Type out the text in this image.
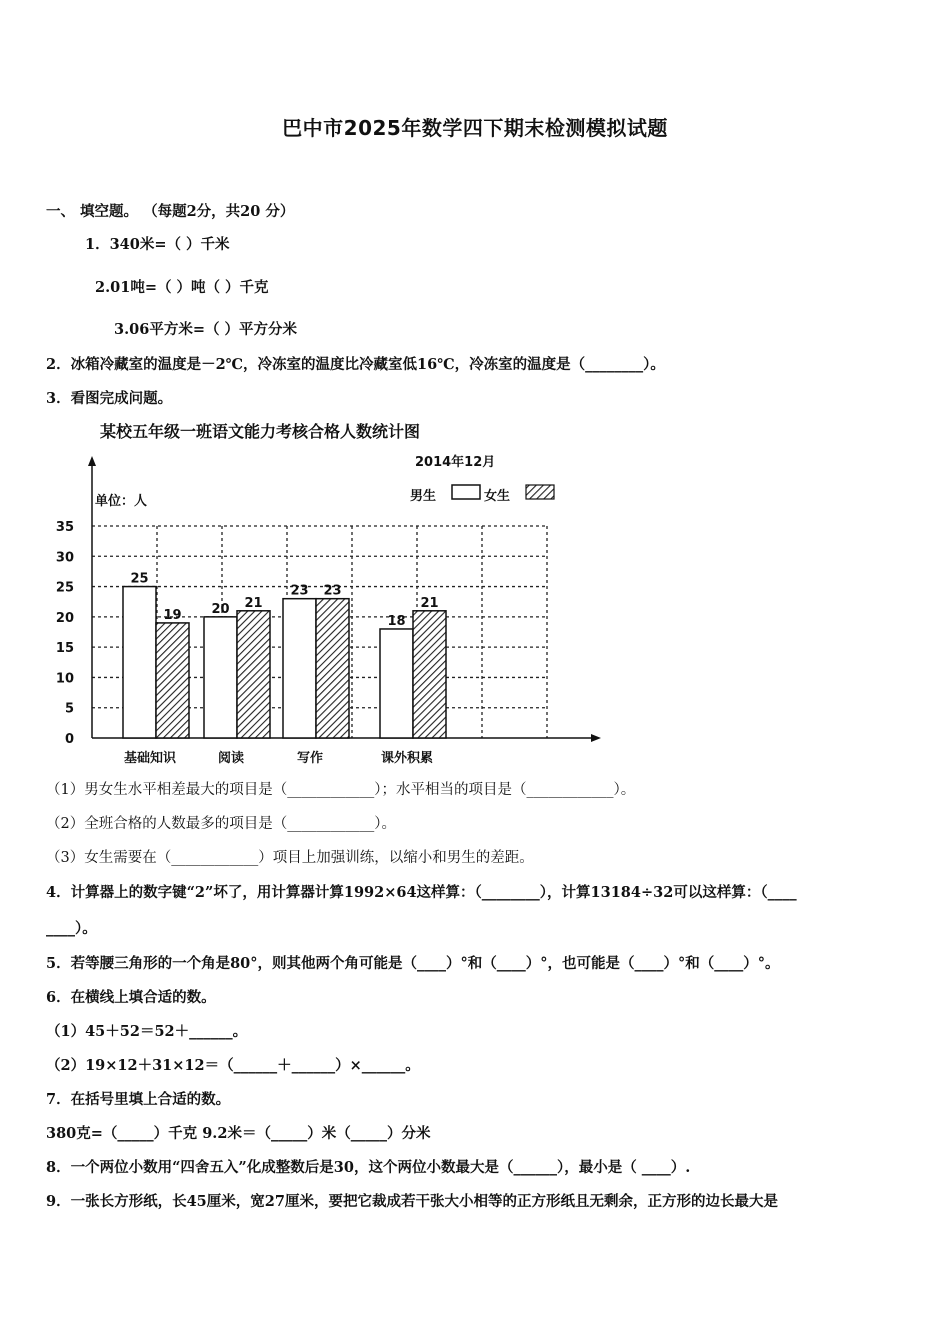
巴中市2025年数学四下期末检测模拟试题
一、 填空题。 （每题2分，共20 分）
1．340米=（ ）千米
2.01吨=（ ）吨（ ）千克
3.06平方米=（ ）平方分米
2．冰箱冷藏室的温度是－2℃，冷冻室的温度比冷藏室低16℃，冷冻室的温度是（________）。
3．看图完成问题。
某校五年级一班语文能力考核合格人数统计图
2014年12月
单位：人	男生	女生
0
5
10
15
20
25
30
35
25
19
基础知识
20 21
阅读
23 23
写作
18
21
课外积累
（1）男女生水平相差最大的项目是（____________）；水平相当的项目是（____________）。
（2）全班合格的人数最多的项目是（____________）。
（3）女生需要在（____________）项目上加强训练，以缩小和男生的差距。
4．计算器上的数字键“2”坏了，用计算器计算1992×64这样算：（________），计算13184÷32可以这样算：（____
____）。
5．若等腰三角形的一个角是80°，则其他两个角可能是（____）°和（____）°，也可能是（____）°和（____）°。
6．在横线上填合适的数。
（1）45＋52＝52＋______。
（2）19×12＋31×12＝（______＋______）×______。
7．在括号里填上合适的数。
380克=（_____）千克 9.2米＝（_____）米（_____）分米
8．一个两位小数用“四舍五入”化成整数后是30，这个两位小数最大是（______），最小是（ ____）.
9．一张长方形纸，长45厘米，宽27厘米，要把它裁成若干张大小相等的正方形纸且无剩余，正方形的边长最大是
